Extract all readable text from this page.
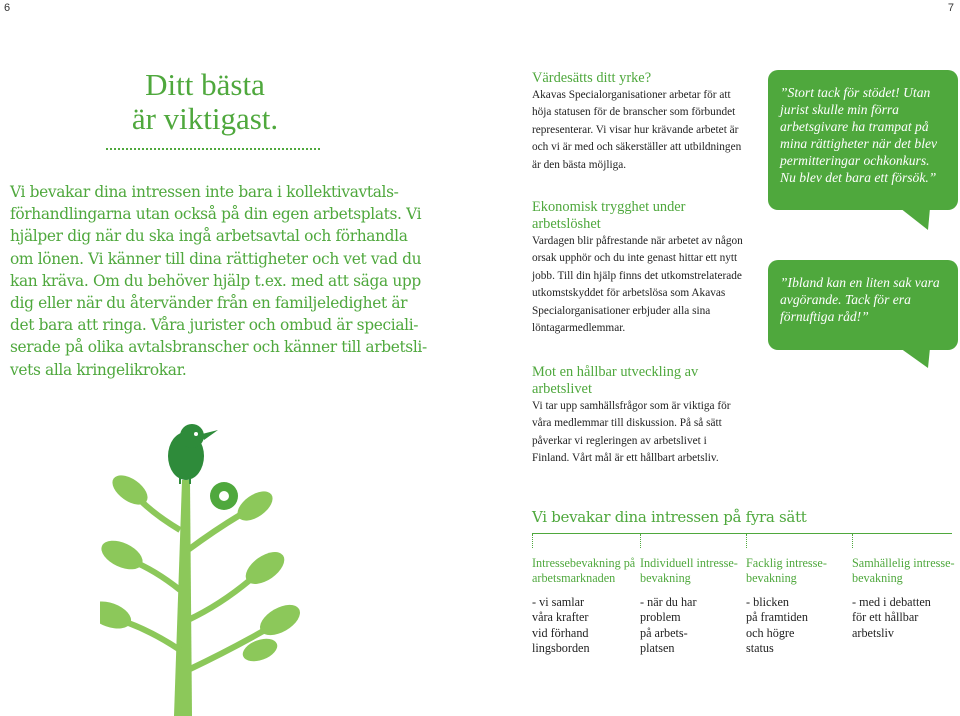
6	7
Ditt bästa
är viktigast.
Vi bevakar dina intressen inte bara i kollektivavtalsförhandlingarna utan också på din egen arbetsplats. Vi hjälper dig när du ska ingå arbetsavtal och förhandla om lönen. Vi känner till dina rättigheter och vet vad du kan kräva. Om du behöver hjälp t.ex. med att säga upp dig eller när du återvänder från en familjeledighet är det bara att ringa. Våra jurister och ombud är specialiserade på olika avtalsbranscher och känner till arbetslivets alla kringelikrokar.
Värdesätts ditt yrke?

Akavas Specialorganisationer arbetar för att höja statusen för de branscher som förbundet representerar. Vi visar hur krävande arbetet är och vi är med och säkerställer att utbildningen är den bästa möjliga.

Ekonomisk trygghet under arbetslöshet

Vardagen blir påfrestande när arbetet av någon orsak upphör och du inte genast hittar ett nytt jobb. Till din hjälp finns det utkomstrelaterade utkomstskyddet för arbetslösa som Akavas Specialorganisationer erbjuder alla sina löntagarmedlemmar.

Mot en hållbar utveckling av arbetslivet

Vi tar upp samhällsfrågor som är viktiga för våra medlemmar till diskussion. På så sätt påverkar vi regleringen av arbetslivet i Finland. Vårt mål är ett hållbart arbetsliv.

”Stort tack för stödet! Utan jurist skulle min förra arbetsgivare ha trampat på mina rättigheter när det blev permitteringar ochkonkurs. Nu blev det bara ett försök.”
”Ibland kan en liten sak vara avgörande. Tack för era förnuftiga råd!”
Vi bevakar dina intressen på fyra sätt
Intressebevakning på arbetsmarknaden

- vi samlar
våra krafter
vid förhand
lingsborden

Individuell intressebevakning

- när du har
problem
på arbets-
platsen

Facklig intressebevakning

- blicken
på framtiden
och högre
status

Samhällelig intressebevakning

- med i debatten
för ett hållbar
arbetsliv
